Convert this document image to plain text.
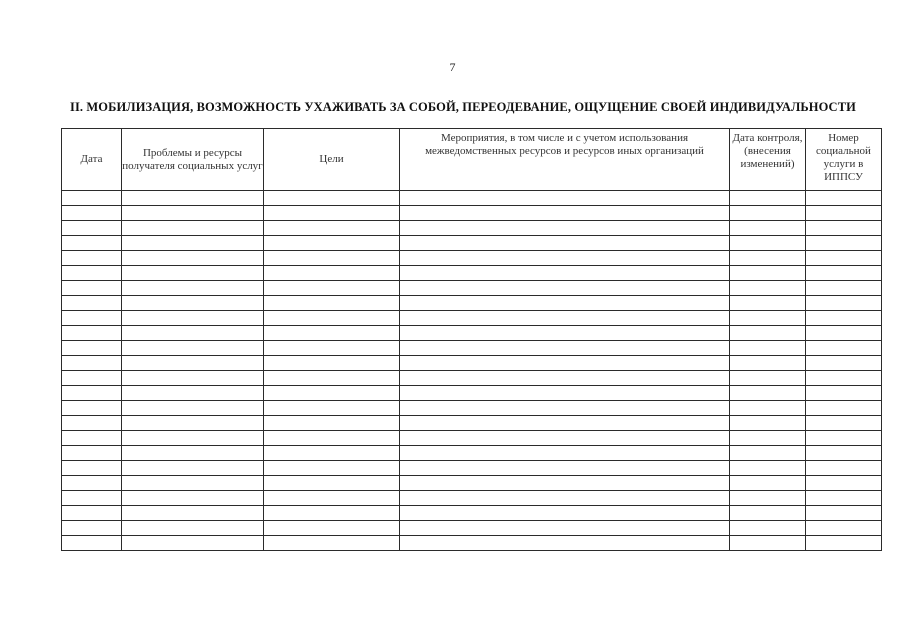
7
II. МОБИЛИЗАЦИЯ, ВОЗМОЖНОСТЬ УХАЖИВАТЬ ЗА СОБОЙ, ПЕРЕОДЕВАНИЕ, ОЩУЩЕНИЕ СВОЕЙ ИНДИВИДУАЛЬНОСТИ
Дата	Проблемы и ресурсы получателя социальных услуг	Цели	Мероприятия, в том числе и с учетом использования межведомственных ресурсов и ресурсов иных организаций	Дата контроля, (внесения изменений)	Номер социальной услуги в ИППСУ
